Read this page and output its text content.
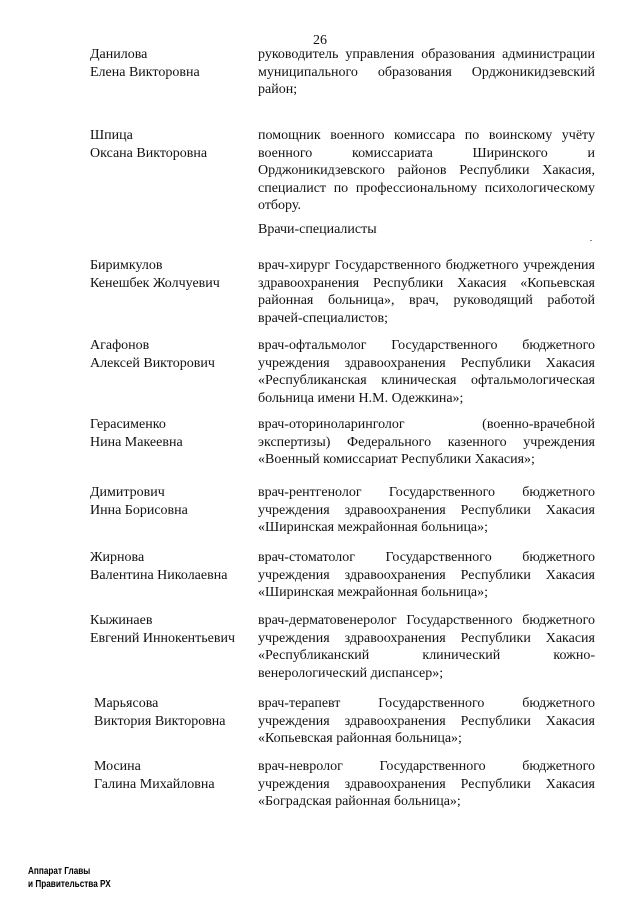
26
Врачи-специалисты
Данилова
Елена Викторовна
руководитель управления образования администрации
муниципального образования Орджоникидзевский
район;
Шпица
Оксана Викторовна
помощник военного комиссара по воинскому учёту
военного комиссариата Ширинского и
Орджоникидзевского районов Республики Хакасия,
специалист по профессиональному психологическому
отбору.
Биримкулов
Кенешбек Жолчуевич
врач-хирург Государственного бюджетного учреждения
здравоохранения Республики Хакасия «Копьевская
районная больница», врач, руководящий работой
врачей-специалистов;
Агафонов
Алексей Викторович
врач-офтальмолог Государственного бюджетного
учреждения здравоохранения Республики Хакасия
«Республиканская клиническая офтальмологическая
больница имени Н.М. Одежкина»;
Герасименко
Нина Макеевна
врач-оториноларинголог (военно-врачебной
экспертизы) Федерального казенного учреждения
«Военный комиссариат Республики Хакасия»;
Димитрович
Инна Борисовна
врач-рентгенолог Государственного бюджетного
учреждения здравоохранения Республики Хакасия
«Ширинская межрайонная больница»;
Жирнова
Валентина Николаевна
врач-стоматолог Государственного бюджетного
учреждения здравоохранения Республики Хакасия
«Ширинская межрайонная больница»;
Кыжинаев
Евгений Иннокентьевич
врач-дерматовенеролог Государственного бюджетного
учреждения здравоохранения Республики Хакасия
«Республиканский клинический кожно-
венерологический диспансер»;
Марьясова
Виктория Викторовна
врач-терапевт Государственного бюджетного
учреждения здравоохранения Республики Хакасия
«Копьевская районная больница»;
Мосина
Галина Михайловна
врач-невролог Государственного бюджетного
учреждения здравоохранения Республики Хакасия
«Боградская районная больница»;
Аппарат Главы
и Правительства РХ
